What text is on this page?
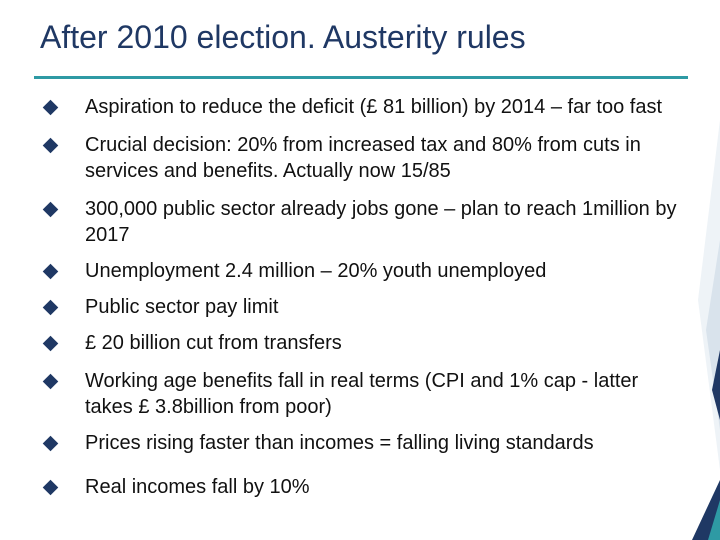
After 2010 election. Austerity rules
Aspiration to reduce the deficit (£ 81 billion) by 2014 – far too fast
Crucial decision: 20% from increased tax and 80% from cuts in services and benefits. Actually now 15/85
300,000 public sector already jobs gone – plan to reach 1million by 2017
Unemployment 2.4 million – 20% youth unemployed
Public sector pay limit
£ 20 billion cut from transfers
Working age benefits fall in real terms (CPI and 1% cap - latter takes £ 3.8billion from poor)
Prices rising faster than incomes = falling living standards
Real incomes fall by 10%
